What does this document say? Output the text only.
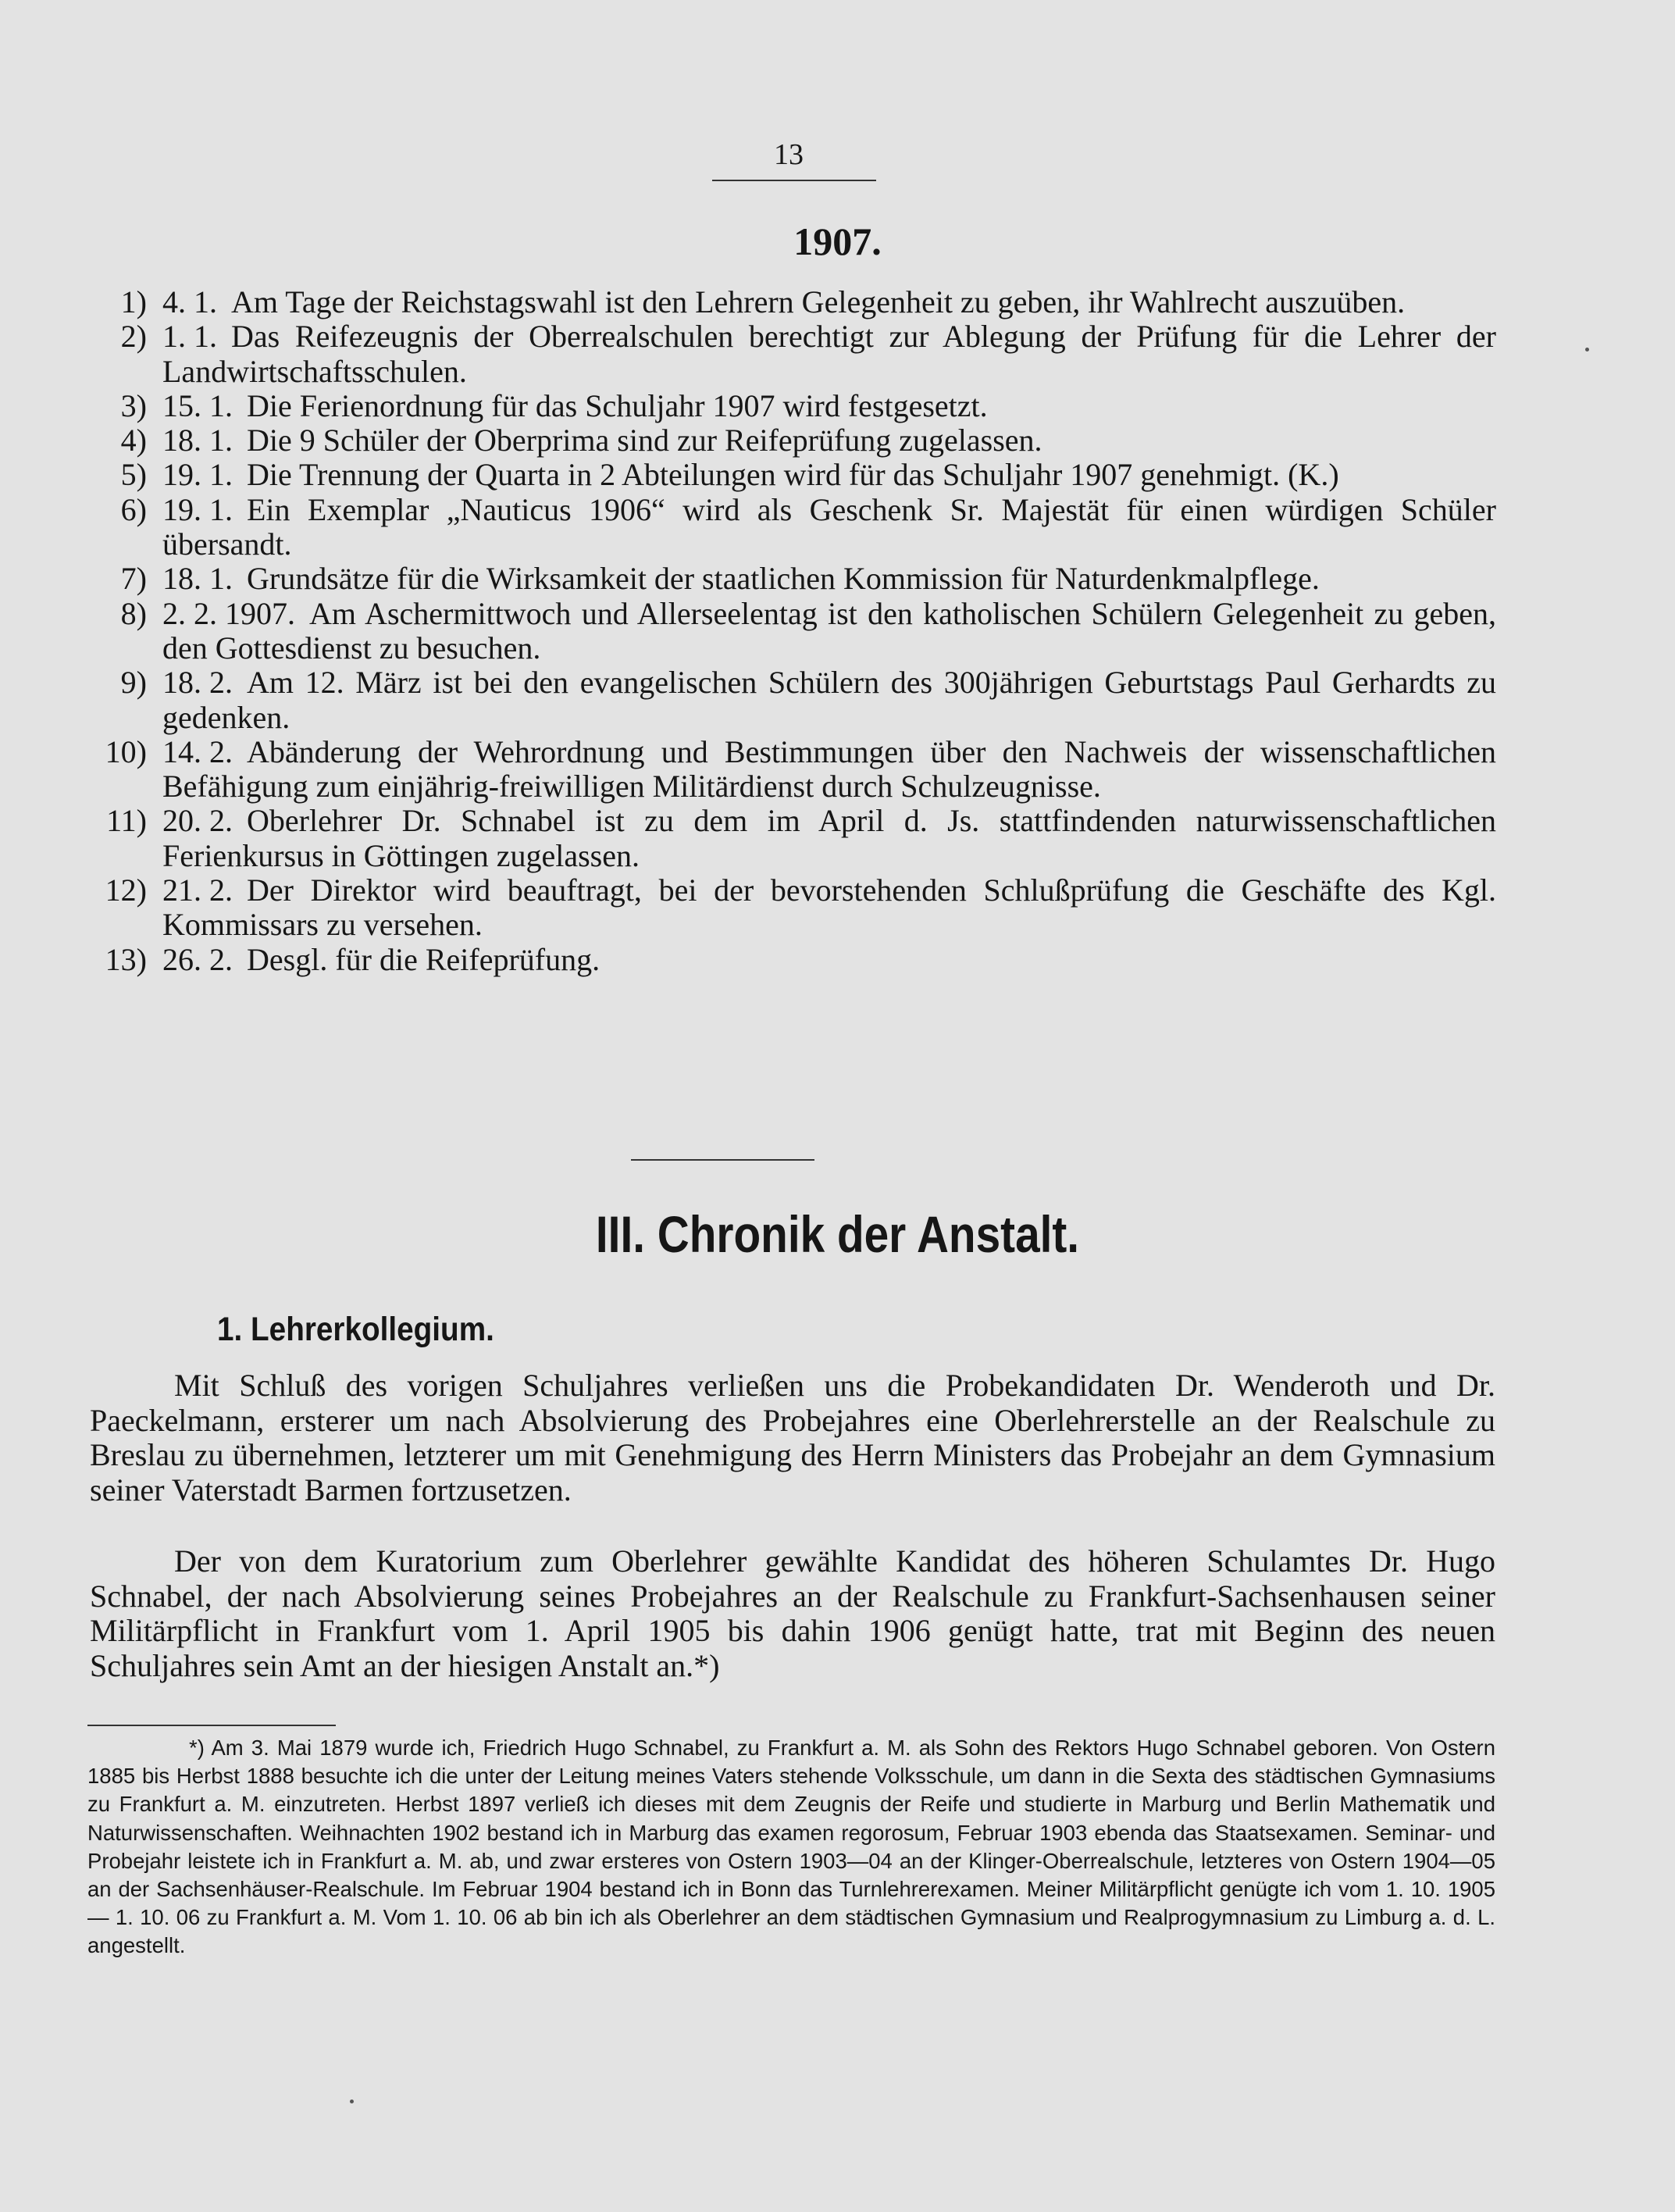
13
1907.
1) 4. 1. Am Tage der Reichstagswahl ist den Lehrern Gelegenheit zu geben, ihr Wahlrecht auszuüben.
2) 1. 1. Das Reifezeugnis der Oberrealschulen berechtigt zur Ablegung der Prüfung für die Lehrer der Landwirtschaftsschulen.
3) 15. 1. Die Ferienordnung für das Schuljahr 1907 wird festgesetzt.
4) 18. 1. Die 9 Schüler der Oberprima sind zur Reifeprüfung zugelassen.
5) 19. 1. Die Trennung der Quarta in 2 Abteilungen wird für das Schuljahr 1907 genehmigt. (K.)
6) 19. 1. Ein Exemplar „Nauticus 1906“ wird als Geschenk Sr. Majestät für einen würdigen Schüler übersandt.
7) 18. 1. Grundsätze für die Wirksamkeit der staatlichen Kommission für Naturdenkmalpflege.
8) 2. 2. 1907. Am Aschermittwoch und Allerseelentag ist den katholischen Schülern Gelegenheit zu geben, den Gottesdienst zu besuchen.
9) 18. 2. Am 12. März ist bei den evangelischen Schülern des 300jährigen Geburtstags Paul Gerhardts zu gedenken.
10) 14. 2. Abänderung der Wehrordnung und Bestimmungen über den Nachweis der wissenschaftlichen Befähigung zum einjährig-freiwilligen Militärdienst durch Schulzeugnisse.
11) 20. 2. Oberlehrer Dr. Schnabel ist zu dem im April d. Js. stattfindenden naturwissenschaftlichen Ferienkursus in Göttingen zugelassen.
12) 21. 2. Der Direktor wird beauftragt, bei der bevorstehenden Schlußprüfung die Geschäfte des Kgl. Kommissars zu versehen.
13) 26. 2. Desgl. für die Reifeprüfung.
III. Chronik der Anstalt.
1. Lehrerkollegium.

Mit Schluß des vorigen Schuljahres verließen uns die Probekandidaten Dr. Wenderoth und Dr. Paeckelmann, ersterer um nach Absolvierung des Probejahres eine Oberlehrerstelle an der Realschule zu Breslau zu übernehmen, letzterer um mit Genehmigung des Herrn Ministers das Probejahr an dem Gymnasium seiner Vaterstadt Barmen fortzusetzen.

Der von dem Kuratorium zum Oberlehrer gewählte Kandidat des höheren Schulamtes Dr. Hugo Schnabel, der nach Absolvierung seines Probejahres an der Realschule zu Frankfurt-Sachsenhausen seiner Militärpflicht in Frankfurt vom 1. April 1905 bis dahin 1906 genügt hatte, trat mit Beginn des neuen Schuljahres sein Amt an der hiesigen Anstalt an.*)

*) Am 3. Mai 1879 wurde ich, Friedrich Hugo Schnabel, zu Frankfurt a. M. als Sohn des Rektors Hugo Schnabel geboren. Von Ostern 1885 bis Herbst 1888 besuchte ich die unter der Leitung meines Vaters stehende Volksschule, um dann in die Sexta des städtischen Gymnasiums zu Frankfurt a. M. einzutreten. Herbst 1897 verließ ich dieses mit dem Zeugnis der Reife und studierte in Marburg und Berlin Mathematik und Naturwissenschaften. Weihnachten 1902 bestand ich in Marburg das examen regorosum, Februar 1903 ebenda das Staatsexamen. Seminar- und Probejahr leistete ich in Frankfurt a. M. ab, und zwar ersteres von Ostern 1903—04 an der Klinger-Oberrealschule, letzteres von Ostern 1904—05 an der Sachsenhäuser-Realschule. Im Februar 1904 bestand ich in Bonn das Turnlehrerexamen. Meiner Militärpflicht genügte ich vom 1. 10. 1905 — 1. 10. 06 zu Frankfurt a. M. Vom 1. 10. 06 ab bin ich als Oberlehrer an dem städtischen Gymnasium und Realprogymnasium zu Limburg a. d. L. angestellt.
